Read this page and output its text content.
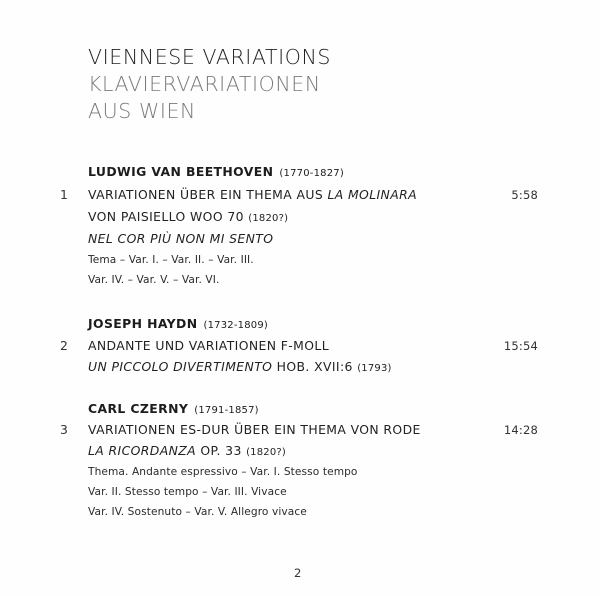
VIENNESE VARIATIONS
KLAVIERVARIATIONEN
AUS WIEN
LUDWIG VAN BEETHOVEN (1770-1827)
1 VARIATIONEN ÜBER EIN THEMA AUS LA MOLINARA	5:58
VON PAISIELLO WOO 70 (1820?)
NEL COR PIÙ NON MI SENTO
Tema – Var. I. – Var. II. – Var. III.
Var. IV. – Var. V. – Var. VI.
JOSEPH HAYDN (1732-1809)
2 ANDANTE UND VARIATIONEN F-MOLL	15:54
UN PICCOLO DIVERTIMENTO HOB. XVII:6 (1793)
CARL CZERNY (1791-1857)
3 VARIATIONEN ES-DUR ÜBER EIN THEMA VON RODE	14:28
LA RICORDANZA OP. 33 (1820?)
Thema. Andante espressivo – Var. I. Stesso tempo
Var. II. Stesso tempo – Var. III. Vivace
Var. IV. Sostenuto – Var. V. Allegro vivace
2
